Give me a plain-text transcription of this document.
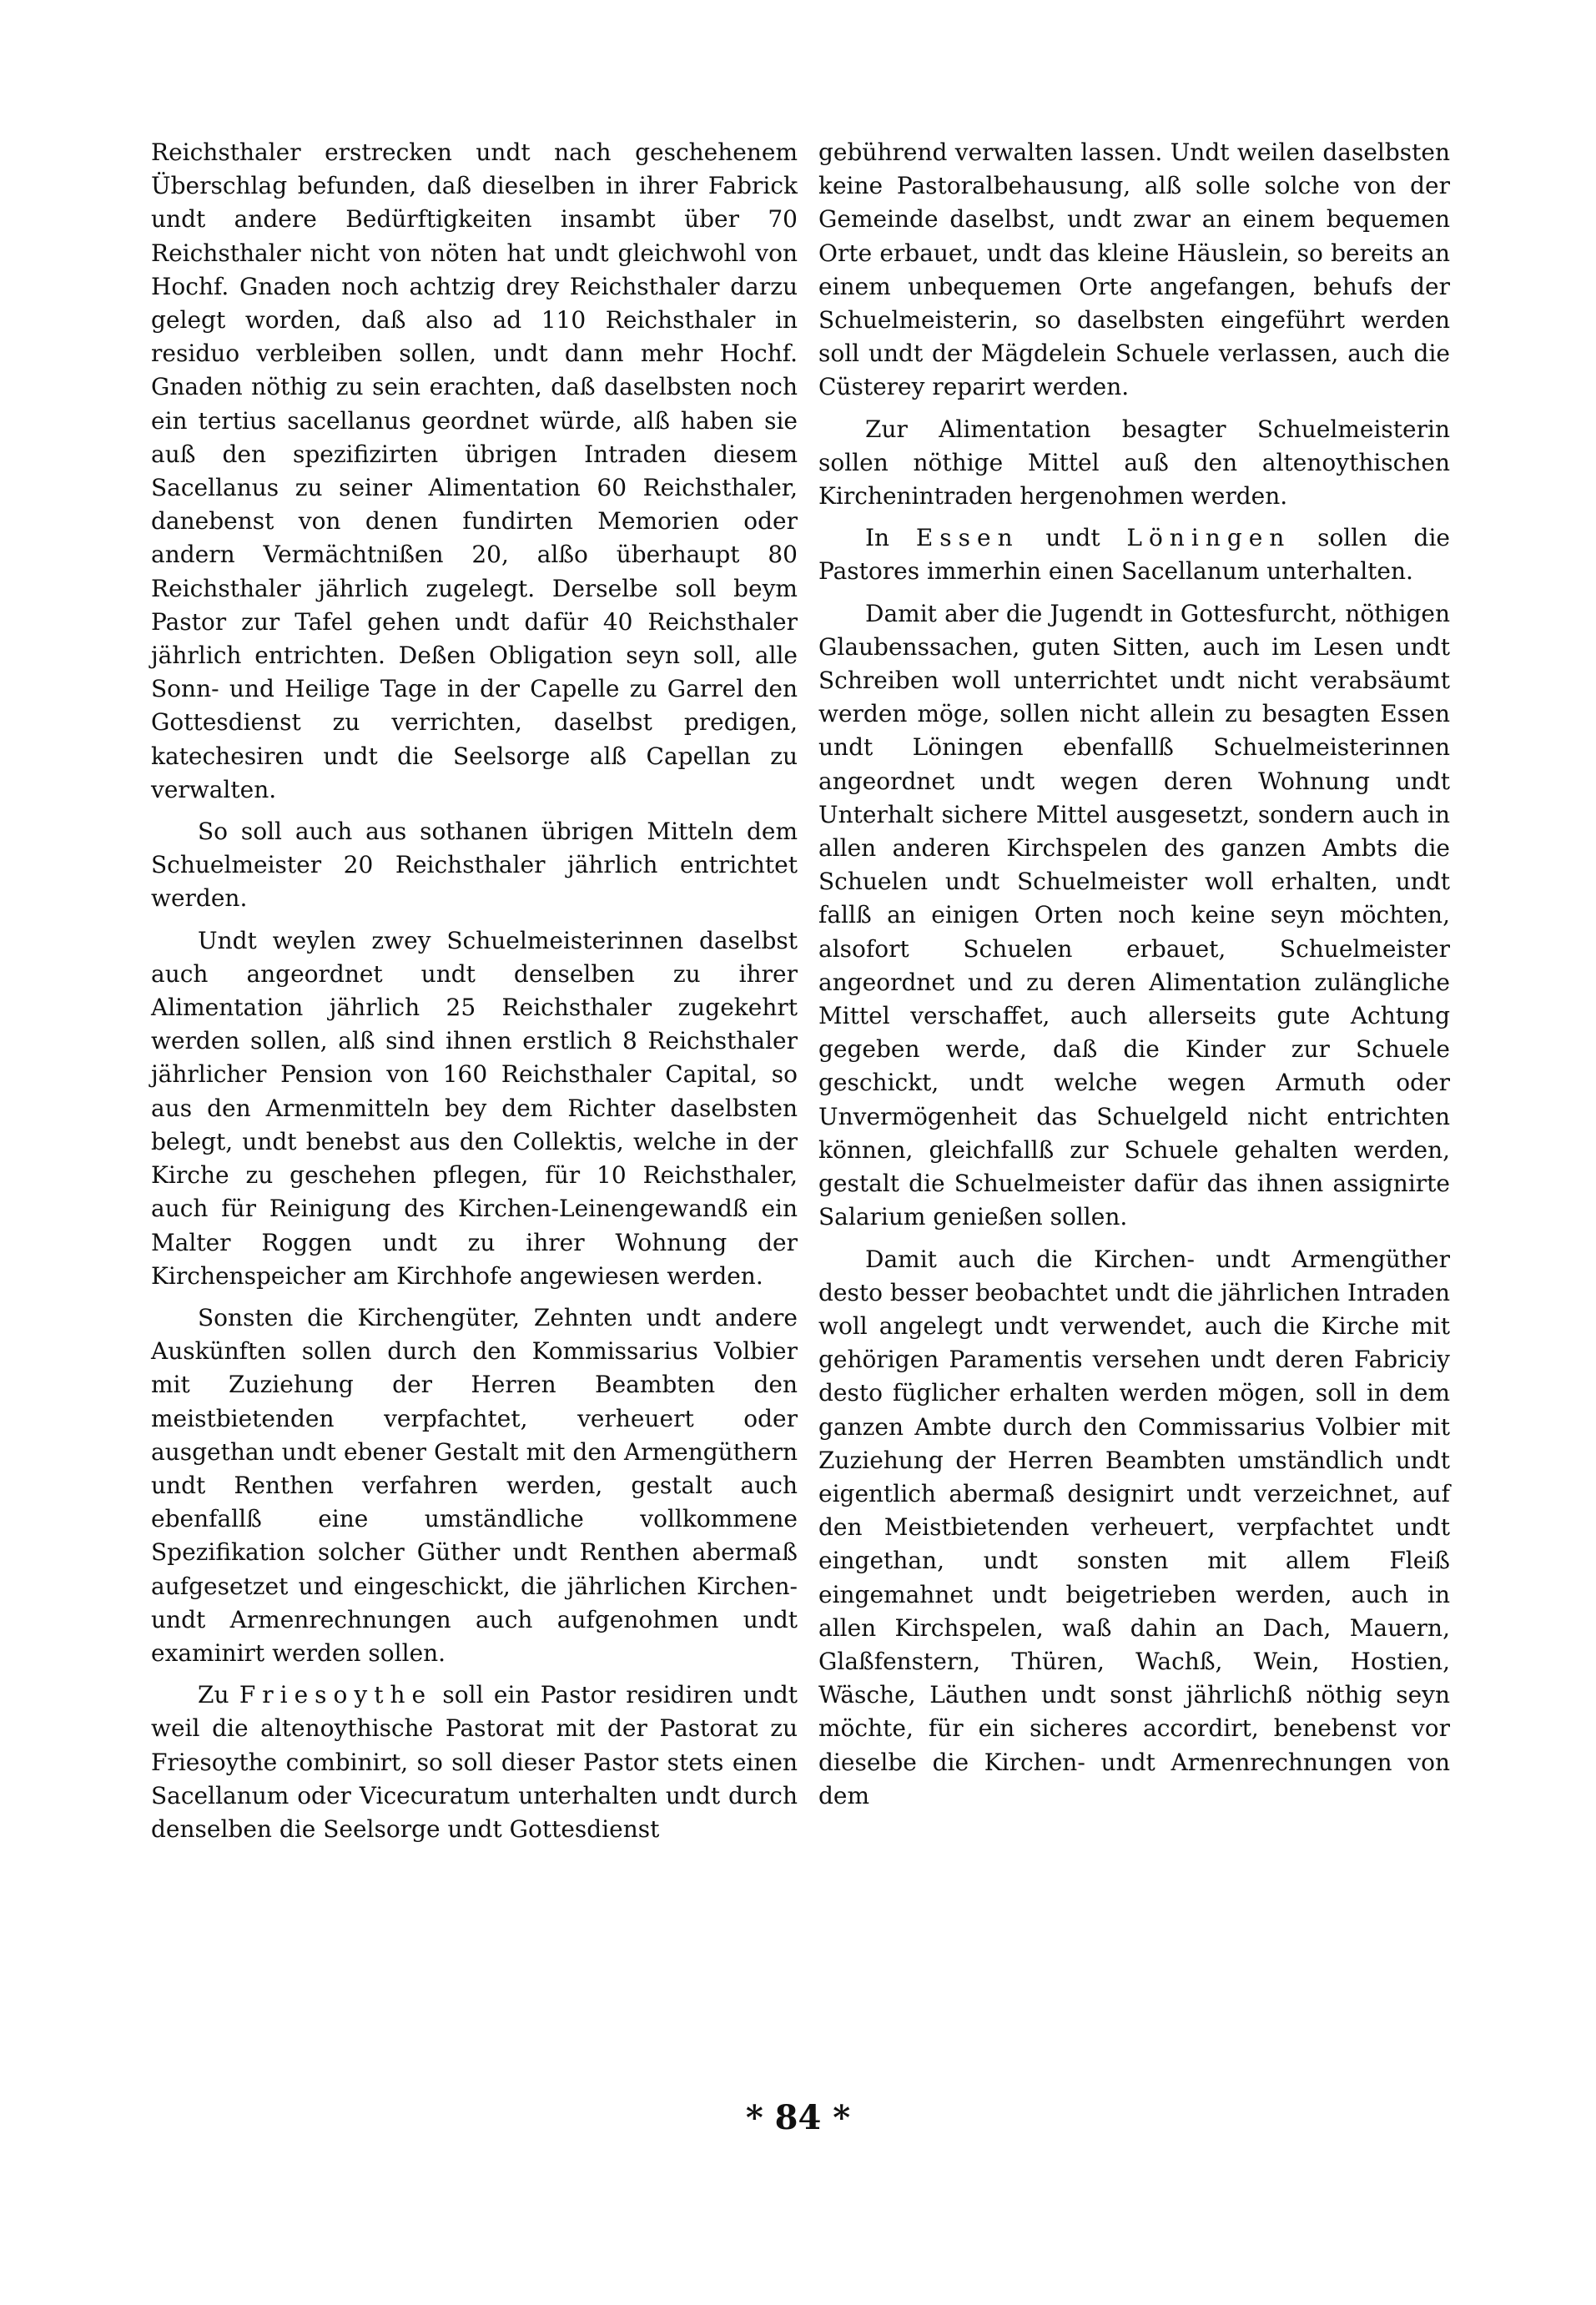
Reichsthaler erstrecken undt nach geschehenem Überschlag befunden, daß dieselben in ihrer Fabrick undt andere Bedürftigkeiten insambt über 70 Reichsthaler nicht von nöten hat undt gleichwohl von Hochf. Gnaden noch achtzig drey Reichsthaler darzu gelegt worden, daß also ad 110 Reichsthaler in residuo verbleiben sollen, undt dann mehr Hochf. Gnaden nöthig zu sein erachten, daß daselbsten noch ein tertius sacellanus geordnet würde, alß haben sie auß den spezifizirten übrigen Intraden diesem Sacellanus zu seiner Alimentation 60 Reichsthaler, danebenst von denen fundirten Memorien oder andern Vermächtnißen 20, alßo überhaupt 80 Reichsthaler jährlich zugelegt. Derselbe soll beym Pastor zur Tafel gehen undt dafür 40 Reichsthaler jährlich entrichten. Deßen Obligation seyn soll, alle Sonn- und Heilige Tage in der Capelle zu Garrel den Gottesdienst zu verrichten, daselbst predigen, katechesiren undt die Seelsorge alß Capellan zu verwalten.

So soll auch aus sothanen übrigen Mitteln dem Schuelmeister 20 Reichsthaler jährlich entrichtet werden.

Undt weylen zwey Schuelmeisterinnen daselbst auch angeordnet undt denselben zu ihrer Alimentation jährlich 25 Reichsthaler zugekehrt werden sollen, alß sind ihnen erstlich 8 Reichsthaler jährlicher Pension von 160 Reichsthaler Capital, so aus den Armenmitteln bey dem Richter daselbsten belegt, undt benebst aus den Collektis, welche in der Kirche zu geschehen pflegen, für 10 Reichsthaler, auch für Reinigung des Kirchen-Leinengewandß ein Malter Roggen undt zu ihrer Wohnung der Kirchenspeicher am Kirchhofe angewiesen werden.

Sonsten die Kirchengüter, Zehnten undt andere Auskünften sollen durch den Kommissarius Volbier mit Zuziehung der Herren Beambten den meistbietenden verpfachtet, verheuert oder ausgethan undt ebener Gestalt mit den Armengüthern undt Renthen verfahren werden, gestalt auch ebenfallß eine umständliche vollkommene Spezifikation solcher Güther undt Renthen abermaß aufgesetzet und eingeschickt, die jährlichen Kirchen- undt Armenrechnungen auch aufgenohmen undt examinirt werden sollen.

Zu Friesoythe soll ein Pastor residiren undt weil die altenoythische Pastorat mit der Pastorat zu Friesoythe combinirt, so soll dieser Pastor stets einen Sacellanum oder Vicecuratum unterhalten undt durch denselben die Seelsorge undt Gottesdienst

gebührend verwalten lassen. Undt weilen daselbsten keine Pastoralbehausung, alß solle solche von der Gemeinde daselbst, undt zwar an einem bequemen Orte erbauet, undt das kleine Häuslein, so bereits an einem unbequemen Orte angefangen, behufs der Schuelmeisterin, so daselbsten eingeführt werden soll undt der Mägdelein Schuele verlassen, auch die Cüsterey reparirt werden.

Zur Alimentation besagter Schuelmeisterin sollen nöthige Mittel auß den altenoythischen Kirchenintraden hergenohmen werden.

In Essen undt Löningen sollen die Pastores immerhin einen Sacellanum unterhalten.

Damit aber die Jugendt in Gottesfurcht, nöthigen Glaubenssachen, guten Sitten, auch im Lesen undt Schreiben woll unterrichtet undt nicht verabsäumt werden möge, sollen nicht allein zu besagten Essen undt Löningen ebenfallß Schuelmeisterinnen angeordnet undt wegen deren Wohnung undt Unterhalt sichere Mittel ausgesetzt, sondern auch in allen anderen Kirchspelen des ganzen Ambts die Schuelen undt Schuelmeister woll erhalten, undt fallß an einigen Orten noch keine seyn möchten, alsofort Schuelen erbauet, Schuelmeister angeordnet und zu deren Alimentation zulängliche Mittel verschaffet, auch allerseits gute Achtung gegeben werde, daß die Kinder zur Schuele geschickt, undt welche wegen Armuth oder Unvermögenheit das Schuelgeld nicht entrichten können, gleichfallß zur Schuele gehalten werden, gestalt die Schuelmeister dafür das ihnen assignirte Salarium genießen sollen.

Damit auch die Kirchen- undt Armengüther desto besser beobachtet undt die jährlichen Intraden woll angelegt undt verwendet, auch die Kirche mit gehörigen Paramentis versehen undt deren Fabriciy desto füglicher erhalten werden mögen, soll in dem ganzen Ambte durch den Commissarius Volbier mit Zuziehung der Herren Beambten umständlich undt eigentlich abermaß designirt undt verzeichnet, auf den Meistbietenden verheuert, verpfachtet undt eingethan, undt sonsten mit allem Fleiß eingemahnet undt beigetrieben werden, auch in allen Kirchspelen, waß dahin an Dach, Mauern, Glaßfenstern, Thüren, Wachß, Wein, Hostien, Wäsche, Läuthen undt sonst jährlichß nöthig seyn möchte, für ein sicheres accordirt, benebenst vor dieselbe die Kirchen- undt Armenrechnungen von dem

* 84 *
